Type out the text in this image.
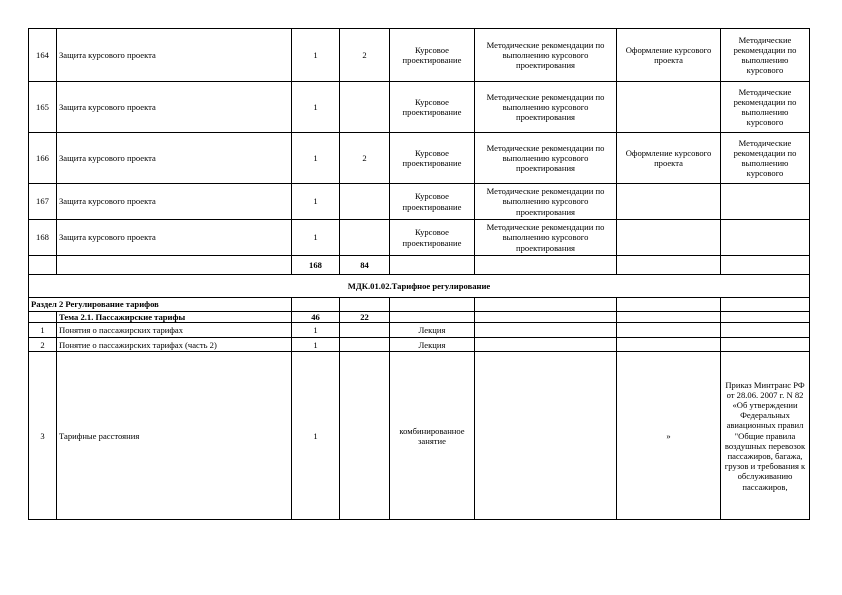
164	Защита курсового проекта	1	2	Курсовое проектирование	Методические рекомендации по выполнению курсового проектирования	Оформление курсового проекта	Методические рекомендации по выполнению курсового
165	Защита курсового проекта	1		Курсовое проектирование	Методические рекомендации по выполнению курсового проектирования		Методические рекомендации по выполнению курсового
166	Защита курсового проекта	1	2	Курсовое проектирование	Методические рекомендации по выполнению курсового проектирования	Оформление курсового проекта	Методические рекомендации по выполнению курсового
167	Защита курсового проекта	1		Курсовое проектирование	Методические рекомендации по выполнению курсового проектирования		
168	Защита курсового проекта	1		Курсовое проектирование	Методические рекомендации по выполнению курсового проектирования		
		168	84				
МДК.01.02.Тарифное регулирование							
Раздел 2 Регулирование тарифов							
	Тема 2.1. Пассажирские тарифы	46	22				
1	Понятия о пассажирских тарифах	1		Лекция			
2	Понятие о пассажирских тарифах (часть 2)	1		Лекция			
3	Тарифные расстояния	1		комбинированное занятие		»	Приказ Минтранс РФ от 28.06. 2007 г. N 82 «Об утверждении Федеральных авиационных правил "Общие правила воздушных перевозок пассажиров, багажа, грузов и требования к обслуживанию пассажиров,
